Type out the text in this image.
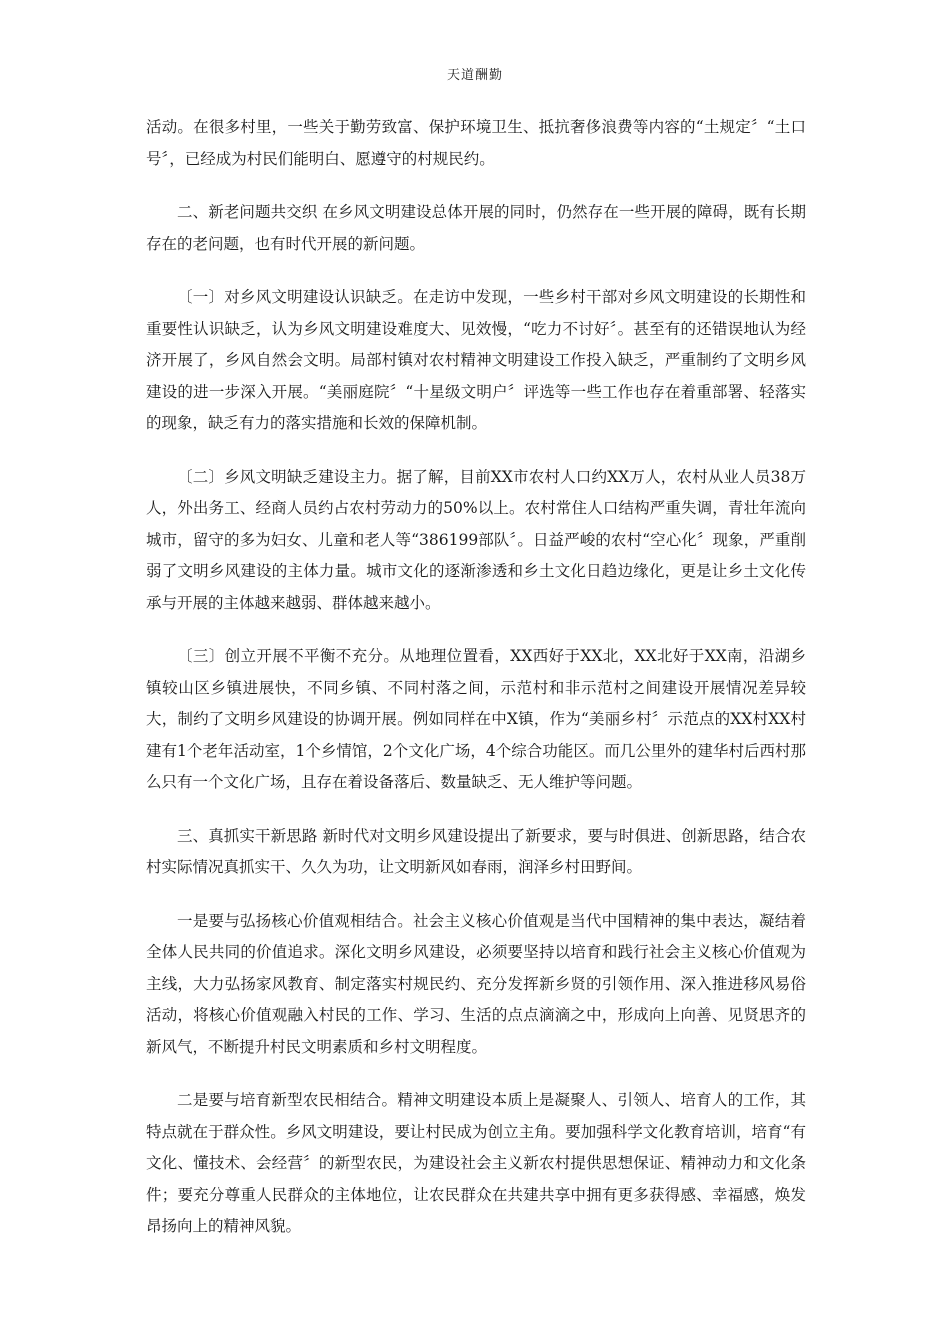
天道酬勤

活动。在很多村里，一些关于勤劳致富、保护环境卫生、抵抗奢侈浪费等内容的“土规定〞“土口号〞，已经成为村民们能明白、愿遵守的村规民约。

二、新老问题共交织 在乡风文明建设总体开展的同时，仍然存在一些开展的障碍，既有长期存在的老问题，也有时代开展的新问题。

〔一〕对乡风文明建设认识缺乏。在走访中发现，一些乡村干部对乡风文明建设的长期性和重要性认识缺乏，认为乡风文明建设难度大、见效慢，“吃力不讨好〞。甚至有的还错误地认为经济开展了，乡风自然会文明。局部村镇对农村精神文明建设工作投入缺乏，严重制约了文明乡风建设的进一步深入开展。“美丽庭院〞“十星级文明户〞评选等一些工作也存在着重部署、轻落实的现象，缺乏有力的落实措施和长效的保障机制。

〔二〕乡风文明缺乏建设主力。据了解，目前XX市农村人口约XX万人，农村从业人员38万人，外出务工、经商人员约占农村劳动力的50%以上。农村常住人口结构严重失调，青壮年流向城市，留守的多为妇女、儿童和老人等“386199部队〞。日益严峻的农村“空心化〞现象，严重削弱了文明乡风建设的主体力量。城市文化的逐渐渗透和乡土文化日趋边缘化，更是让乡土文化传承与开展的主体越来越弱、群体越来越小。

〔三〕创立开展不平衡不充分。从地理位置看，XX西好于XX北，XX北好于XX南，沿湖乡镇较山区乡镇进展快，不同乡镇、不同村落之间，示范村和非示范村之间建设开展情况差异较大，制约了文明乡风建设的协调开展。例如同样在中X镇，作为“美丽乡村〞示范点的XX村XX村建有1个老年活动室，1个乡情馆，2个文化广场，4个综合功能区。而几公里外的建华村后西村那么只有一个文化广场，且存在着设备落后、数量缺乏、无人维护等问题。

三、真抓实干新思路 新时代对文明乡风建设提出了新要求，要与时俱进、创新思路，结合农村实际情况真抓实干、久久为功，让文明新风如春雨，润泽乡村田野间。

一是要与弘扬核心价值观相结合。社会主义核心价值观是当代中国精神的集中表达，凝结着全体人民共同的价值追求。深化文明乡风建设，必须要坚持以培育和践行社会主义核心价值观为主线，大力弘扬家风教育、制定落实村规民约、充分发挥新乡贤的引领作用、深入推进移风易俗活动，将核心价值观融入村民的工作、学习、生活的点点滴滴之中，形成向上向善、见贤思齐的新风气，不断提升村民文明素质和乡村文明程度。

二是要与培育新型农民相结合。精神文明建设本质上是凝聚人、引领人、培育人的工作，其特点就在于群众性。乡风文明建设，要让村民成为创立主角。要加强科学文化教育培训，培育“有文化、懂技术、会经营〞的新型农民，为建设社会主义新农村提供思想保证、精神动力和文化条件；要充分尊重人民群众的主体地位，让农民群众在共建共享中拥有更多获得感、幸福感，焕发昂扬向上的精神风貌。
